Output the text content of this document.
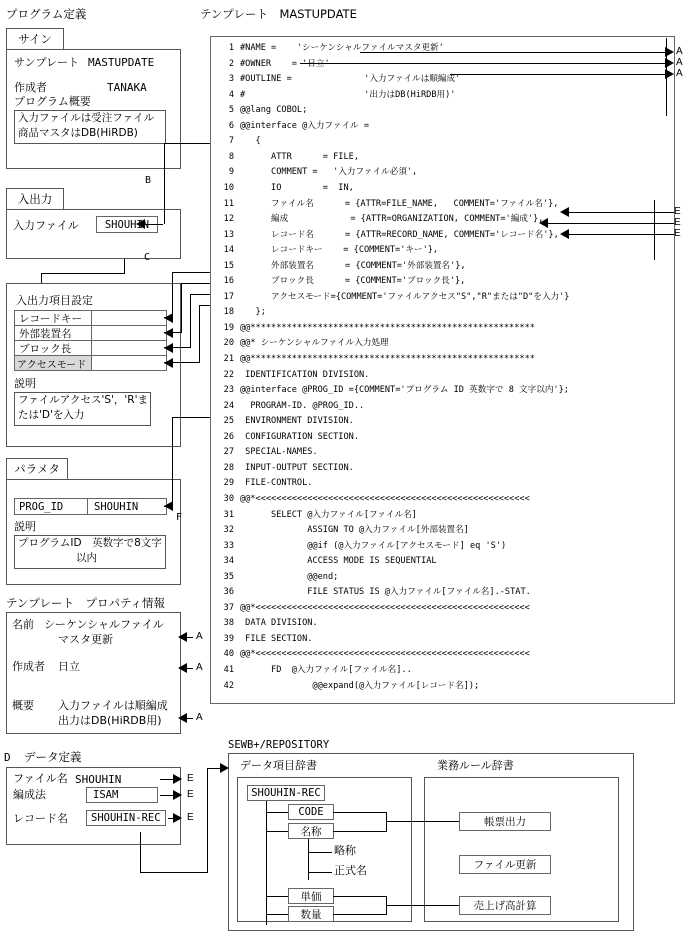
プログラム定義	テンプレート　MASTUPDATE
サイン
サンプレート MASTUPDATE
作成者	TANAKA
プログラム概要
入力ファイルは受注ファイル
商品マスタはDB(HiRDB)
入出力
入力ファイル SHOUHIN
入出力項目設定
レコードキー
外部装置名
ブロック長
アクセスモード
説明
ファイルアクセス'S'，'R'ま
たは'D'を入力
パラメタ
PROG_ID	SHOUHIN
説明
プログラムID　英数字で8文字
以内
テンプレート　プロパティ情報
名前 シーケンシャルファイル
マスタ更新
作成者 日立
概要 入力ファイルは順編成
出力はDB(HiRDB用)
A
A
A
D データ定義
ファイル名 SHOUHIN
編成法	ISAM
レコード名 SHOUHIN-REC
E
E
E
B
C
F
1 #NAME =    'シーケンシャルファイルマスタ更新'
2 #OWNER    = '日立'
3 #OUTLINE =              '入力ファイルは順編成'
4 #                       '出力はDB(HiRDB用)'
5 @@lang COBOL;
6 @@interface @入力ファイル =
7 {
8 ATTR      = FILE,
9 COMMENT =   '入力ファイル必須',
10 IO        =  IN,
11 ファイル名      = {ATTR=FILE_NAME,   COMMENT='ファイル名'},
12 編成            = {ATTR=ORGANIZATION, COMMENT='編成'},
13 レコード名      = {ATTR=RECORD_NAME, COMMENT='レコード名'},
14 レコードキー    = {COMMENT='キー'},
15 外部装置名      = {COMMENT='外部装置名'},
16 ブロック長      = {COMMENT='ブロック長'},
17 アクセスモード={COMMENT='ファイルアクセス"S","R"または"D"を入力'}
18 };
19 @@*******************************************************
20 @@* シーケンシャルファイル入力処理
21 @@*******************************************************
22 IDENTIFICATION DIVISION.
23 @@interface @PROG_ID ={COMMENT='プログラム ID 英数字で 8 文字以内'};
24 PROGRAM-ID. @PROG_ID..
25 ENVIRONMENT DIVISION.
26 CONFIGURATION SECTION.
27 SPECIAL-NAMES.
28 INPUT-OUTPUT SECTION.
29 FILE-CONTROL.
30 @@*<<<<<<<<<<<<<<<<<<<<<<<<<<<<<<<<<<<<<<<<<<<<<<<<<<<<<
31 SELECT @入力ファイル[ファイル名]
32 ASSIGN TO @入力ファイル[外部装置名]
33 @@if (@入力ファイル[アクセスモード] eq 'S')
34 ACCESS MODE IS SEQUENTIAL
35 @@end;
36 FILE STATUS IS @入力ファイル[ファイル名].-STAT.
37 @@*<<<<<<<<<<<<<<<<<<<<<<<<<<<<<<<<<<<<<<<<<<<<<<<<<<<<<
38 DATA DIVISION.
39 FILE SECTION.
40 @@*<<<<<<<<<<<<<<<<<<<<<<<<<<<<<<<<<<<<<<<<<<<<<<<<<<<<<
41 FD  @入力ファイル[ファイル名]..
42 @@expand(@入力ファイル[レコード名]);
A
A
A
E
E
E
SEWB+/REPOSITORY
データ項目辞書	業務ルール辞書
SHOUHIN-REC
CODE
名称
略称
正式名
単価
数量
帳票出力
ファイル更新
売上げ高計算
